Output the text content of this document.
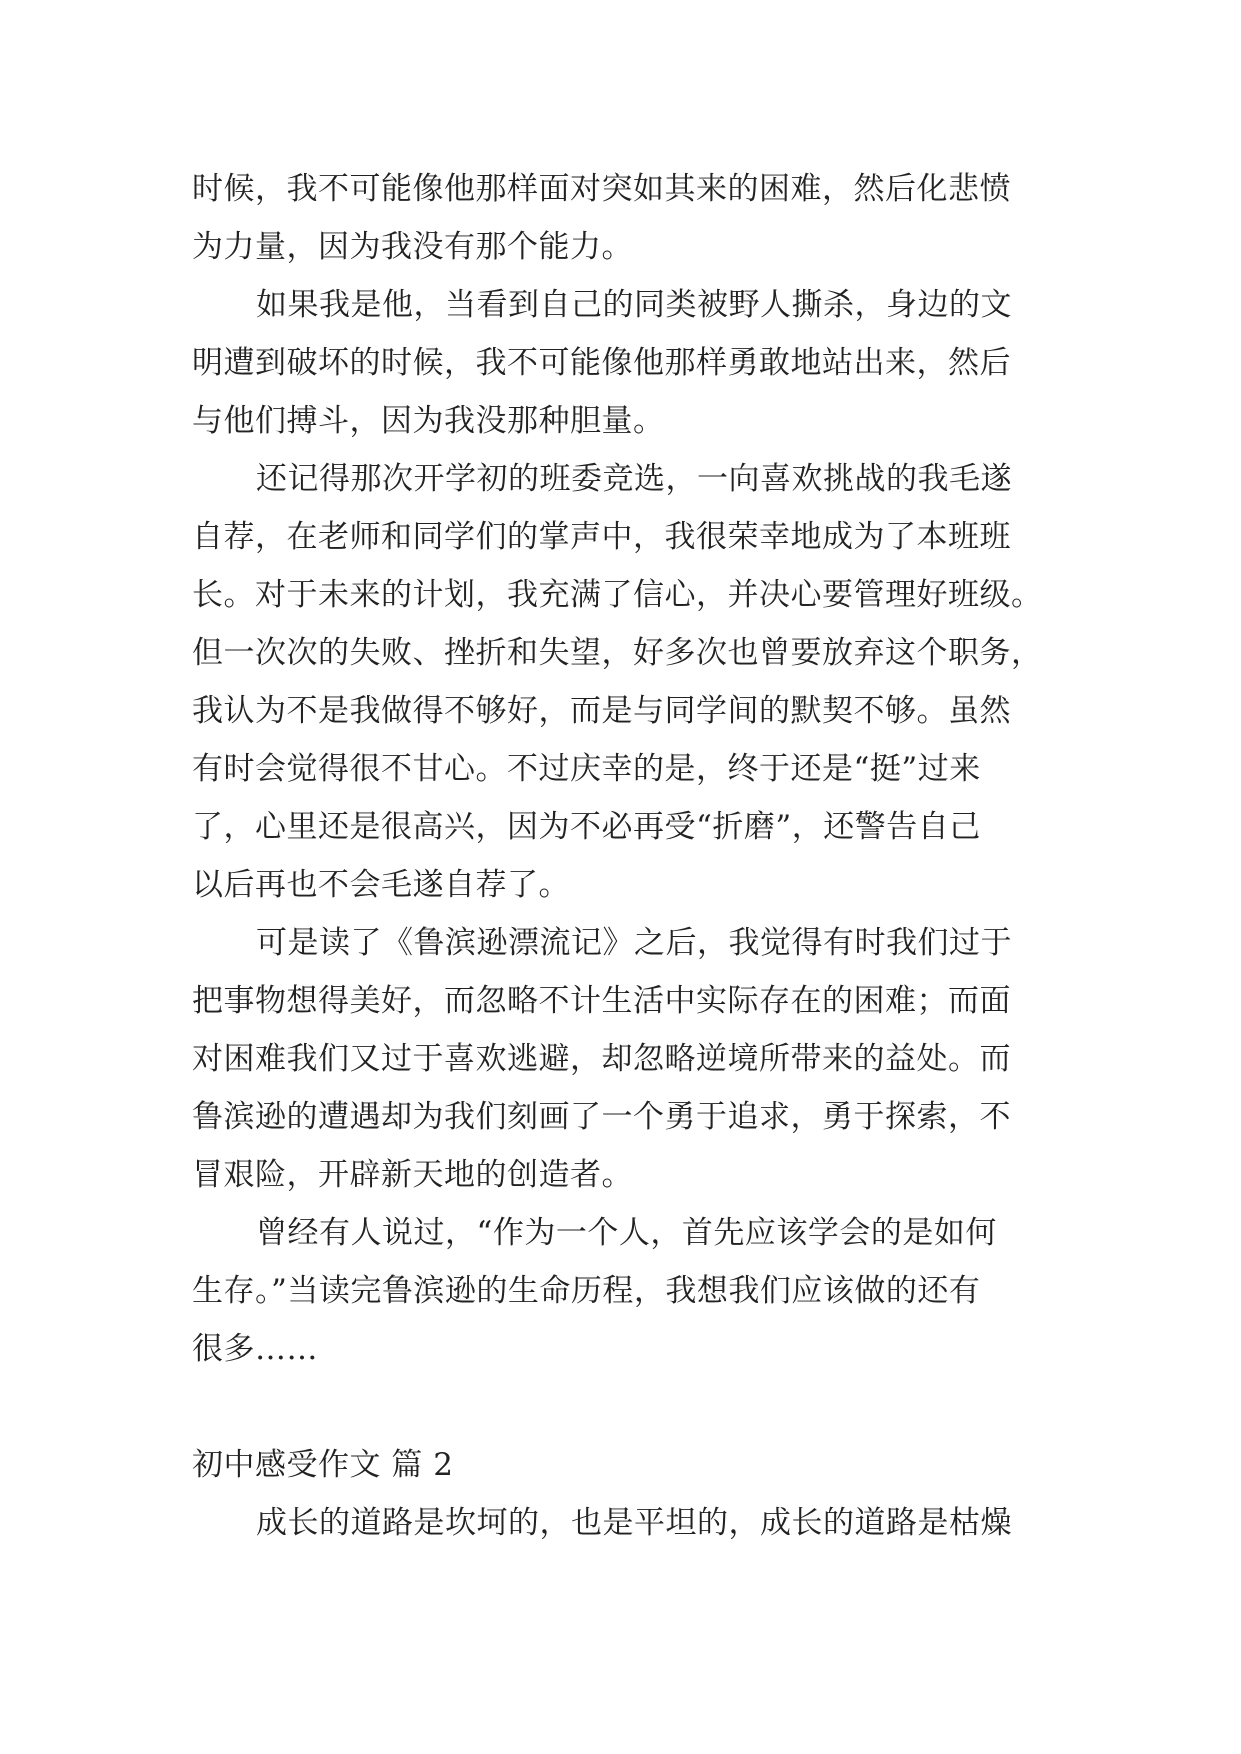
时候，我不可能像他那样面对突如其来的困难，然后化悲愤
为力量，因为我没有那个能力。
如果我是他，当看到自己的同类被野人撕杀，身边的文
明遭到破坏的时候，我不可能像他那样勇敢地站出来，然后
与他们搏斗，因为我没那种胆量。
还记得那次开学初的班委竞选，一向喜欢挑战的我毛遂
自荐，在老师和同学们的掌声中，我很荣幸地成为了本班班
长。对于未来的计划，我充满了信心，并决心要管理好班级。
但一次次的失败、挫折和失望，好多次也曾要放弃这个职务，
我认为不是我做得不够好，而是与同学间的默契不够。虽然
有时会觉得很不甘心。不过庆幸的是，终于还是“挺”过来
了，心里还是很高兴，因为不必再受“折磨”，还警告自己
以后再也不会毛遂自荐了。
可是读了《鲁滨逊漂流记》之后，我觉得有时我们过于
把事物想得美好，而忽略不计生活中实际存在的困难；而面
对困难我们又过于喜欢逃避，却忽略逆境所带来的益处。而
鲁滨逊的遭遇却为我们刻画了一个勇于追求，勇于探索，不
冒艰险，开辟新天地的创造者。
曾经有人说过，“作为一个人，首先应该学会的是如何
生存。”当读完鲁滨逊的生命历程，我想我们应该做的还有
很多……
初中感受作文 篇 2
成长的道路是坎坷的，也是平坦的，成长的道路是枯燥
